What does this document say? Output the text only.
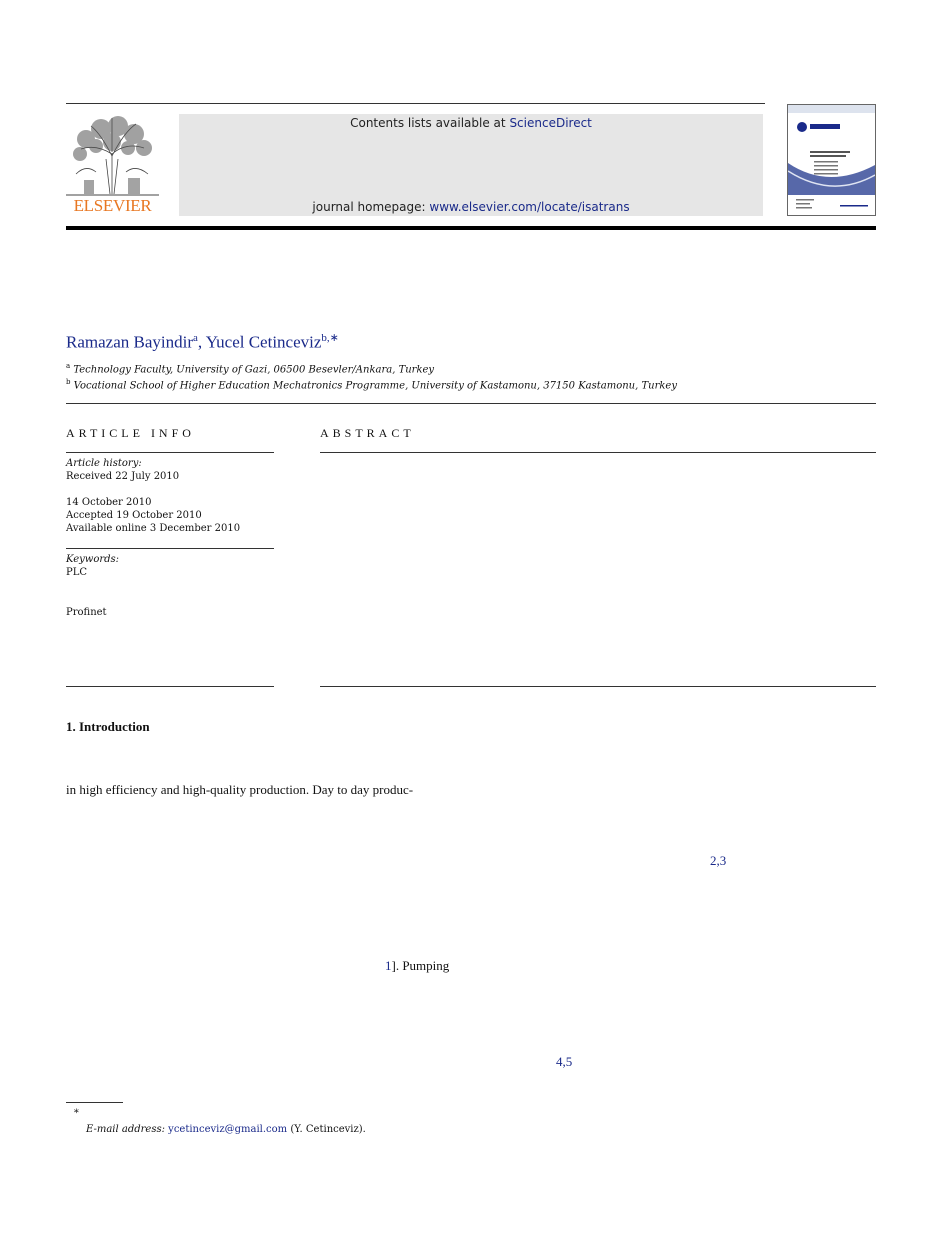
ELSEVIER
Contents lists available at ScienceDirect
journal homepage: www.elsevier.com/locate/isatrans
Ramazan Bayindir$^a$, Yucel Cetinceviz$^{b,∗}$
$^a$ Technology Faculty, University of Gazi, 06500 Besevler/Ankara, Turkey
$^b$ Vocational School of Higher Education Mechatronics Programme, University of Kastamonu, 37150 Kastamonu, Turkey
ARTICLE INFO
Article history:
Received 22 July 2010
14 October 2010
Accepted 19 October 2010
Available online 3 December 2010
Keywords:
PLC
Profinet
ABSTRACT
1. Introduction
in high efficiency and high-quality production. Day to day produc-
2,3
1]. Pumping
4,5
∗
E-mail address: ycetinceviz@gmail.com (Y. Cetinceviz).
